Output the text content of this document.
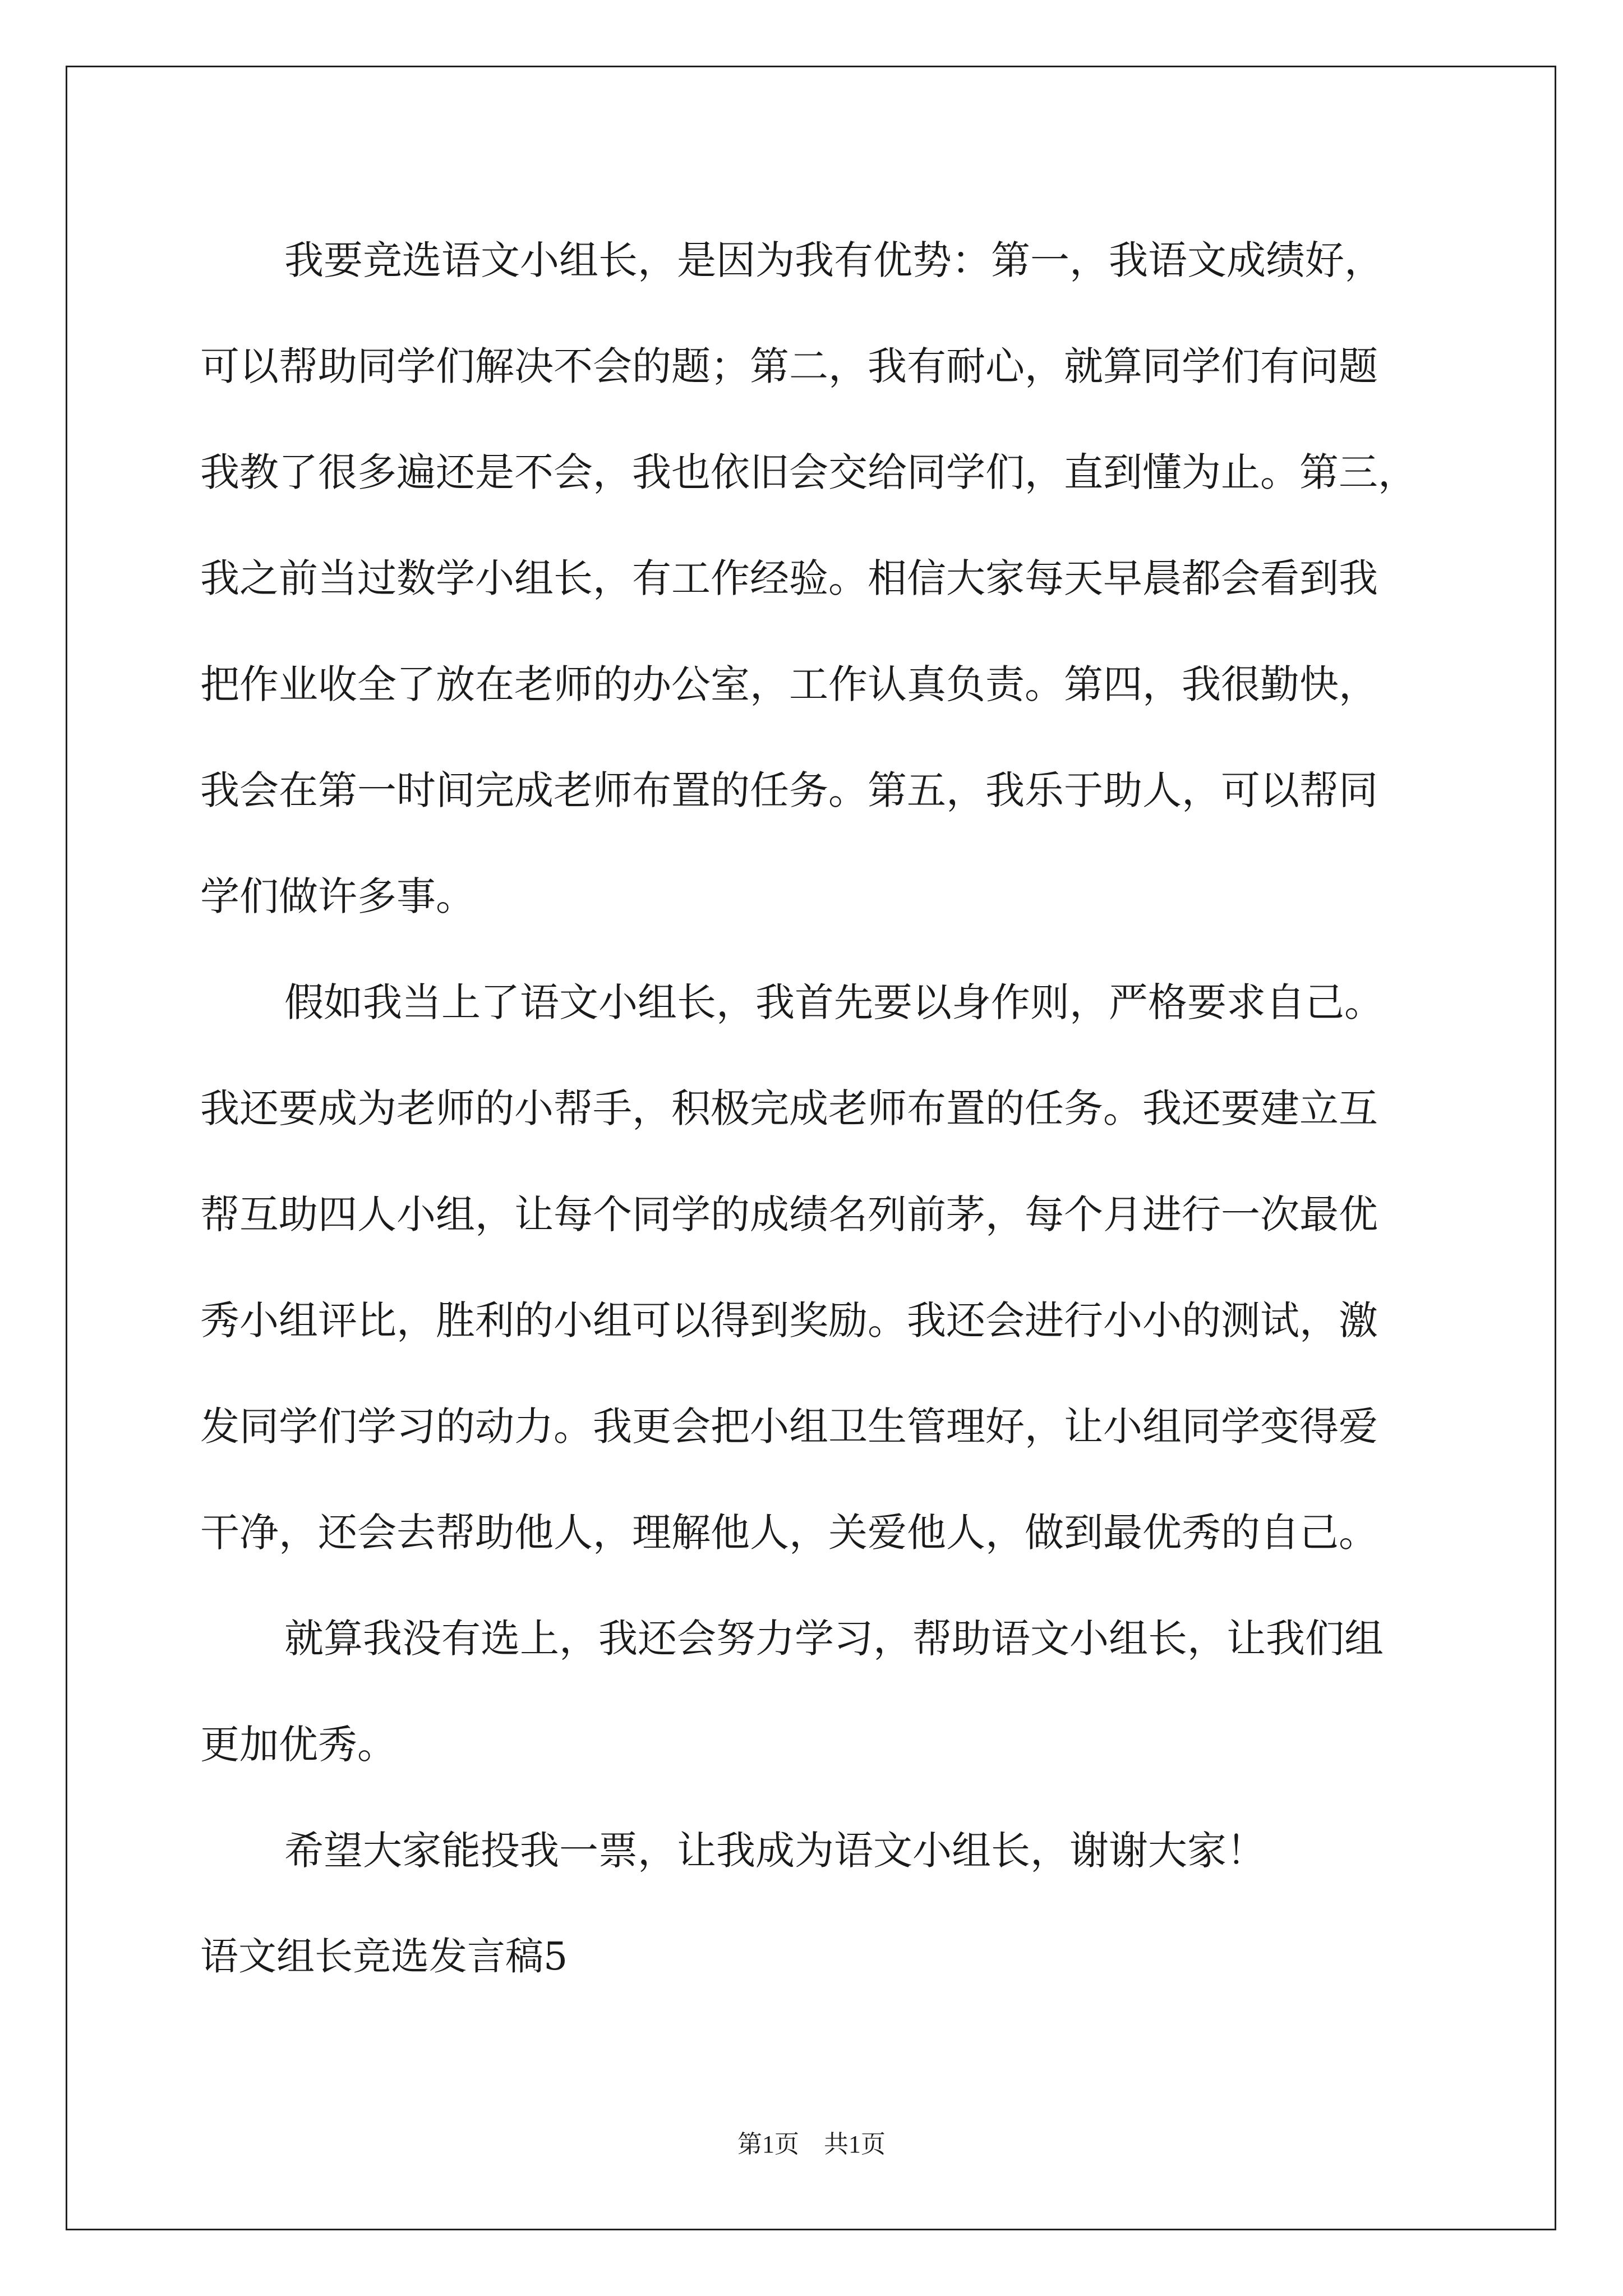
我要竞选语文小组长，是因为我有优势：第一，我语文成绩好，
可以帮助同学们解决不会的题；第二，我有耐心，就算同学们有问题
我教了很多遍还是不会，我也依旧会交给同学们，直到懂为止。第三，
我之前当过数学小组长，有工作经验。相信大家每天早晨都会看到我
把作业收全了放在老师的办公室，工作认真负责。第四，我很勤快，
我会在第一时间完成老师布置的任务。第五，我乐于助人，可以帮同
学们做许多事。
假如我当上了语文小组长，我首先要以身作则，严格要求自己。
我还要成为老师的小帮手，积极完成老师布置的任务。我还要建立互
帮互助四人小组，让每个同学的成绩名列前茅，每个月进行一次最优
秀小组评比，胜利的小组可以得到奖励。我还会进行小小的测试，激
发同学们学习的动力。我更会把小组卫生管理好，让小组同学变得爱
干净，还会去帮助他人，理解他人，关爱他人，做到最优秀的自己。
就算我没有选上，我还会努力学习，帮助语文小组长，让我们组
更加优秀。
希望大家能投我一票，让我成为语文小组长，谢谢大家！
语文组长竞选发言稿5
第1页　共1页
